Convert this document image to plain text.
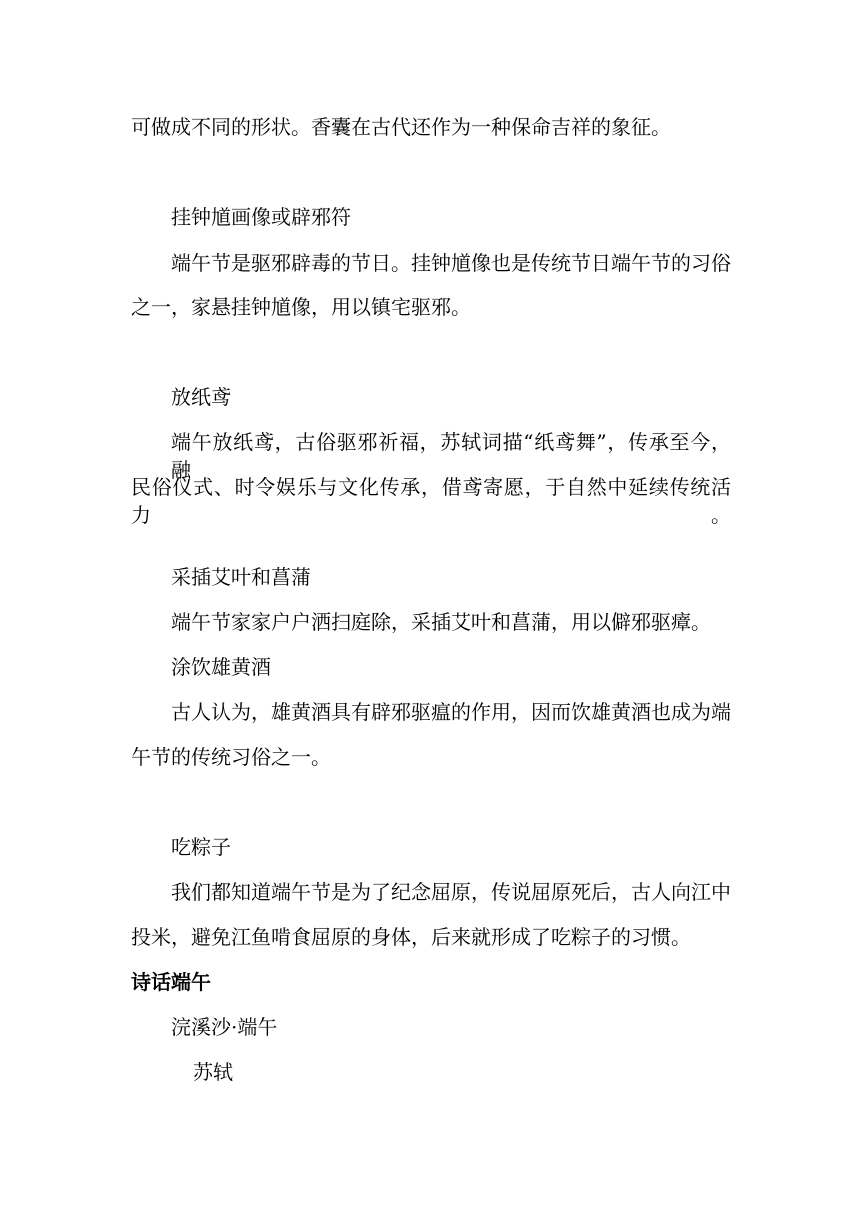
可做成不同的形状。香囊在古代还作为一种保命吉祥的象征。
挂钟馗画像或辟邪符
端午节是驱邪辟毒的节日。挂钟馗像也是传统节日端午节的习俗
之一，家悬挂钟馗像，用以镇宅驱邪。
放纸鸢
端午放纸鸢，古俗驱邪祈福，苏轼词描“纸鸢舞”，传承至今，融
民俗仪式、时令娱乐与文化传承，借鸢寄愿，于自然中延续传统活力。
采插艾叶和菖蒲
端午节家家户户洒扫庭除，采插艾叶和菖蒲，用以僻邪驱瘴。
涂饮雄黄酒
古人认为，雄黄酒具有辟邪驱瘟的作用，因而饮雄黄酒也成为端
午节的传统习俗之一。
吃粽子
我们都知道端午节是为了纪念屈原，传说屈原死后，古人向江中
投米，避免江鱼啃食屈原的身体，后来就形成了吃粽子的习惯。
诗话端午
浣溪沙·端午
苏轼
